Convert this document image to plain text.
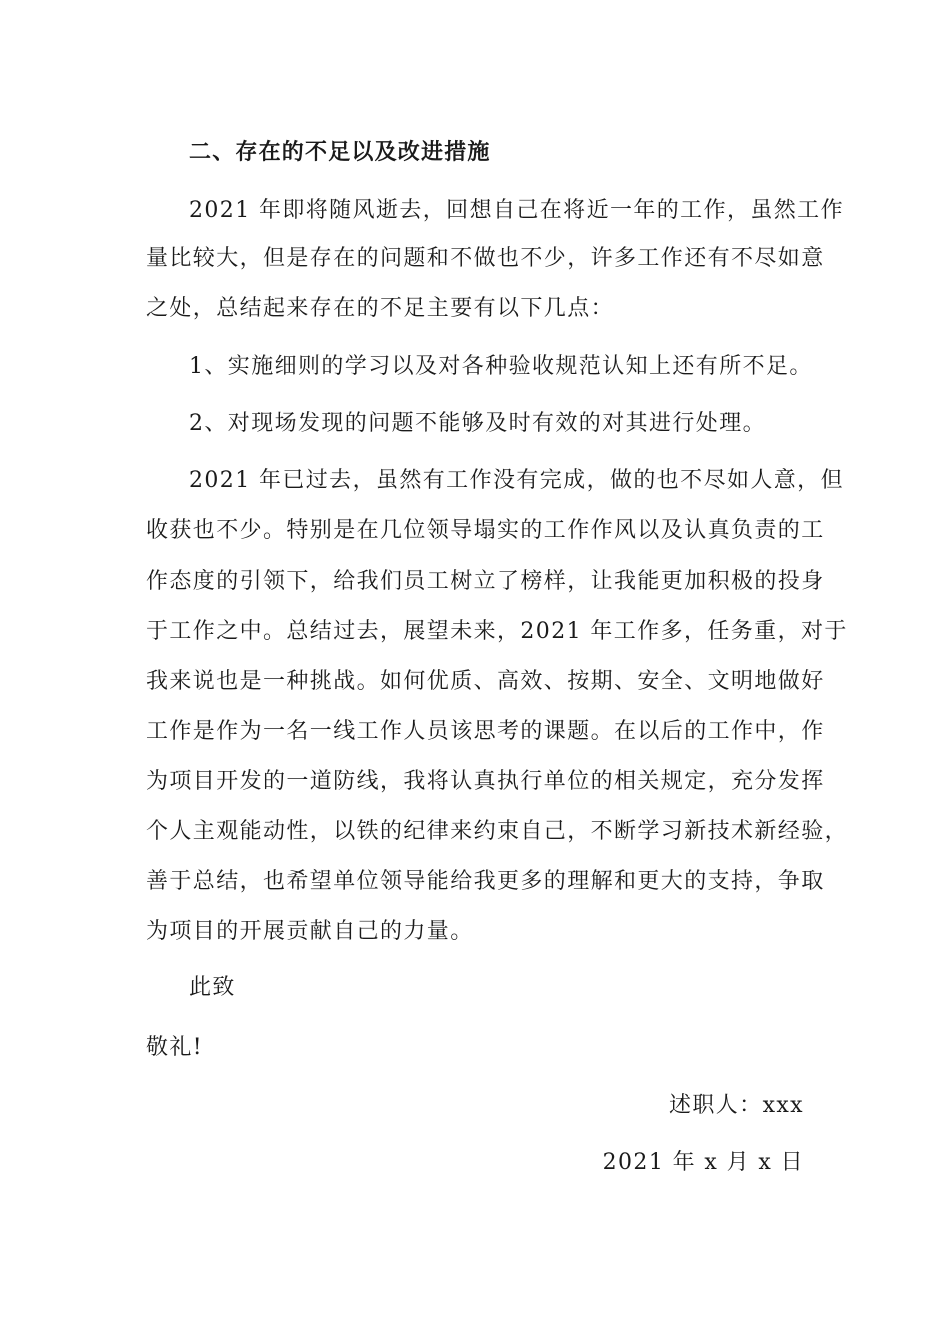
二、存在的不足以及改进措施
2021 年即将随风逝去，回想自己在将近一年的工作，虽然工作
量比较大，但是存在的问题和不做也不少，许多工作还有不尽如意
之处，总结起来存在的不足主要有以下几点：
1、实施细则的学习以及对各种验收规范认知上还有所不足。
2、对现场发现的问题不能够及时有效的对其进行处理。
2021 年已过去，虽然有工作没有完成，做的也不尽如人意，但
收获也不少。特别是在几位领导塌实的工作作风以及认真负责的工
作态度的引领下，给我们员工树立了榜样，让我能更加积极的投身
于工作之中。总结过去，展望未来，2021 年工作多，任务重，对于
我来说也是一种挑战。如何优质、高效、按期、安全、文明地做好
工作是作为一名一线工作人员该思考的课题。在以后的工作中，作
为项目开发的一道防线，我将认真执行单位的相关规定，充分发挥
个人主观能动性，以铁的纪律来约束自己，不断学习新技术新经验，
善于总结，也希望单位领导能给我更多的理解和更大的支持，争取
为项目的开展贡献自己的力量。
此致
敬礼!
述职人：xxx
2021 年 x 月 x 日
